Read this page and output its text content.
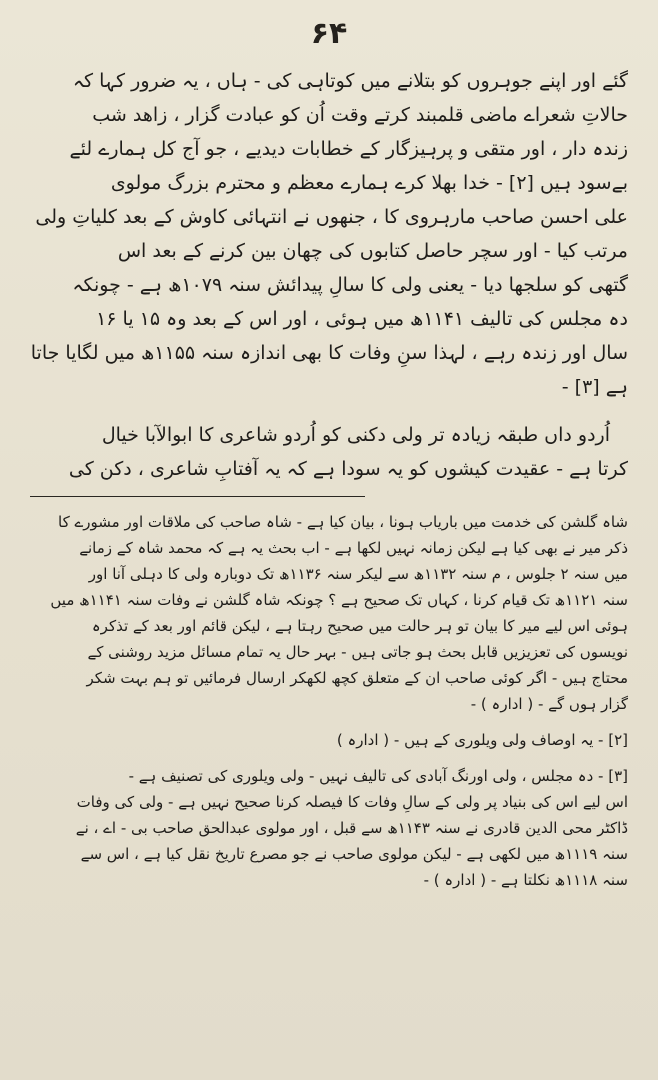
۶۴
گئے اور اپنے جوہروں کو بتلانے میں کوتاہی کی - ہاں ، یہ ضرور کہا کہ
حالاتِ شعراے ماضی قلمبند کرتے وقت اُن کو عبادت گزار ، زاھد شب
زندہ دار ، اور متقی و پرہیزگار کے خطابات دیدیے ، جو آج کل ہمارے لئے
بےسود ہیں [۲] - خدا بھلا کرے ہمارے معظم و محترم بزرگ مولوی
علی احسن صاحب مارہروی کا ، جنھوں نے انتہائی کاوش کے بعد کلیاتِ ولی
مرتب کیا - اور سچر حاصل کتابوں کی چھان بین کرنے کے بعد اس
گتھی کو سلجھا دیا - یعنی ولی کا سالِ پیدائش سنہ ۱۰۷۹ھ ہے - چونکہ
دہ مجلس کی تالیف ۱۱۴۱ھ میں ہوئی ، اور اس کے بعد وہ ۱۵ یا ۱۶
سال اور زندہ رہے ، لہذا سنِ وفات کا بھی اندازہ سنہ ۱۱۵۵ھ میں لگایا جاتا
ہے [۳] -
اُردو داں طبقہ زیادہ تر ولی دکنی کو اُردو شاعری کا ابوالآبا خیال
کرتا ہے - عقیدت کیشوں کو یہ سودا ہے کہ یہ آفتابِ شاعری ، دکن کی
شاہ گلشن کی خدمت میں باریاب ہونا ، بیان کیا ہے - شاہ صاحب کی ملاقات اور مشورے کا
ذکر میر نے بھی کیا ہے لیکن زمانہ نہیں لکھا ہے - اب بحث یہ ہے کہ محمد شاہ کے زمانے
میں سنہ ۲ جلوس ، م سنہ ۱۱۳۲ھ سے لیکر سنہ ۱۱۳۶ھ تک دوبارہ ولی کا دہلی آنا اور
سنہ ۱۱۲۱ھ تک قیام کرنا ، کہاں تک صحیح ہے ؟ چونکہ شاہ گلشن نے وفات سنہ ۱۱۴۱ھ میں
ہوئی اس لیے میر کا بیان تو ہر حالت میں صحیح رہتا ہے ، لیکن قائم اور بعد کے تذکرہ
نویسوں کی تعزیزیں قابل بحث ہو جاتی ہیں - بہر حال یہ تمام مسائل مزید روشنی کے
محتاج ہیں - اگر کوئی صاحب ان کے متعلق کچھ لکھکر ارسال فرمائیں تو ہم بہت شکر
گزار ہوں گے - ( ادارہ ) -
[۲] - یہ اوصاف ولی ویلوری کے ہیں - ( ادارہ )
[۳] - دہ مجلس ، ولی اورنگ آبادی کی تالیف نہیں - ولی ویلوری کی تصنیف ہے -
اس لیے اس کی بنیاد پر ولی کے سالِ وفات کا فیصلہ کرنا صحیح نہیں ہے - ولی کی وفات
ڈاکٹر محی الدین قادری نے سنہ ۱۱۴۳ھ سے قبل ، اور مولوی عبدالحق صاحب بی - اے ، نے
سنہ ۱۱۱۹ھ میں لکھی ہے - لیکن مولوی صاحب نے جو مصرع تاریخ نقل کیا ہے ، اس سے
سنہ ۱۱۱۸ھ نکلتا ہے - ( ادارہ ) -
